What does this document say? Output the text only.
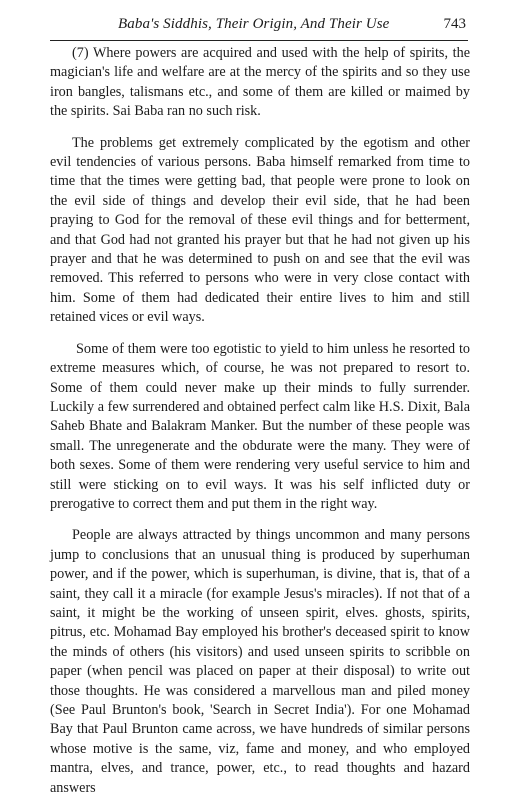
Baba's Siddhis, Their Origin, And Their Use	743

(7) Where powers are acquired and used with the help of spirits, the magician's life and welfare are at the mercy of the spirits and so they use iron bangles, talismans etc., and some of them are killed or maimed by the spirits. Sai Baba ran no such risk.

The problems get extremely complicated by the egotism and other evil tendencies of various persons. Baba himself remarked from time to time that the times were getting bad, that people were prone to look on the evil side of things and develop their evil side, that he had been praying to God for the removal of these evil things and for betterment, and that God had not granted his prayer but that he had not given up his prayer and that he was determined to push on and see that the evil was removed. This referred to persons who were in very close contact with him. Some of them had dedicated their entire lives to him and still retained vices or evil ways.

Some of them were too egotistic to yield to him unless he resorted to extreme measures which, of course, he was not prepared to resort to. Some of them could never make up their minds to fully surrender. Luckily a few surrendered and obtained perfect calm like H.S. Dixit, Bala Saheb Bhate and Balakram Manker. But the number of these people was small. The unregenerate and the obdurate were the many. They were of both sexes. Some of them were rendering very useful service to him and still were sticking on to evil ways. It was his self inflicted duty or prerogative to correct them and put them in the right way.

People are always attracted by things uncommon and many persons jump to conclusions that an unusual thing is produced by superhuman power, and if the power, which is superhuman, is divine, that is, that of a saint, they call it a miracle (for example Jesus's miracles). If not that of a saint, it might be the working of unseen spirit, elves. ghosts, spirits, pitrus, etc. Mohamad Bay employed his brother's deceased spirit to know the minds of others (his visitors) and used unseen spirits to scribble on paper (when pencil was placed on paper at their disposal) to write out those thoughts. He was considered a marvellous man and piled money (See Paul Brunton's book, 'Search in Secret India'). For one Mohamad Bay that Paul Brunton came across, we have hundreds of similar persons whose motive is the same, viz, fame and money, and who employed mantra, elves, and trance, power, etc., to read thoughts and hazard answers
